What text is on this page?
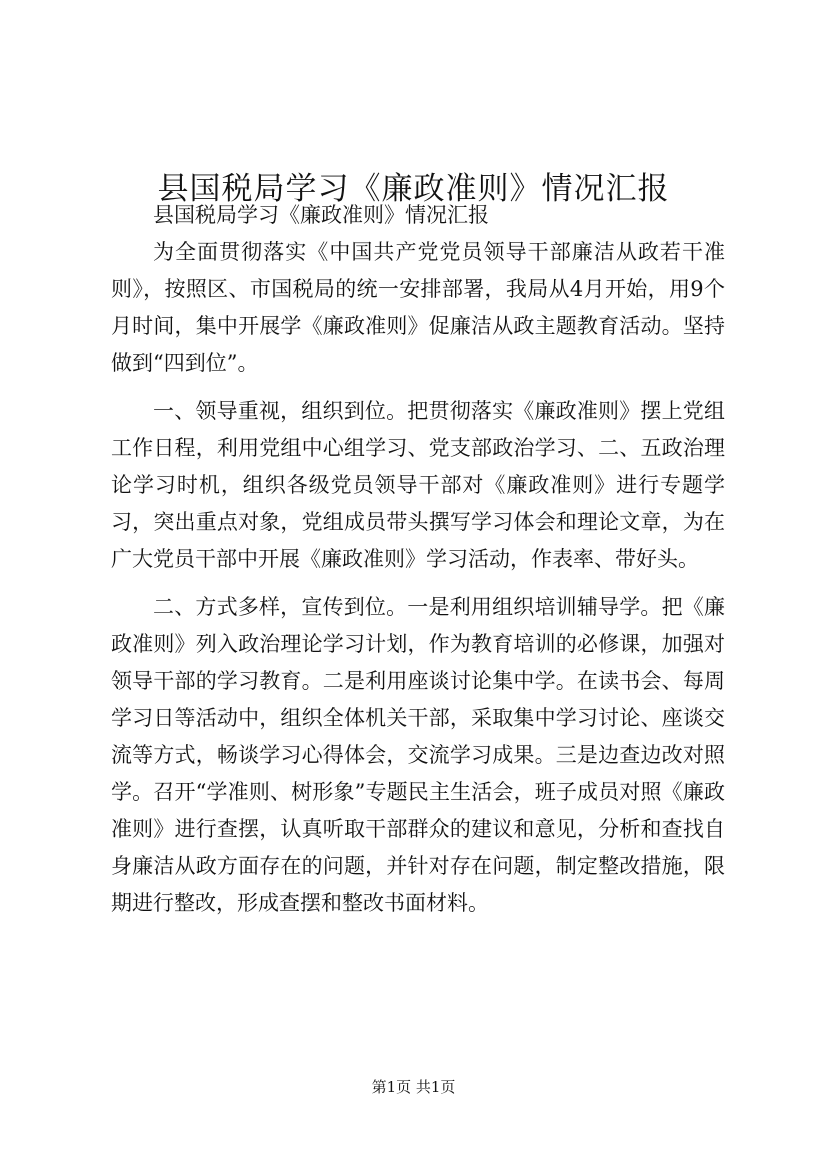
县国税局学习《廉政准则》情况汇报

县国税局学习《廉政准则》情况汇报

为全面贯彻落实《中国共产党党员领导干部廉洁从政若干准则》，按照区、市国税局的统一安排部署，我局从4月开始，用9个月时间，集中开展学《廉政准则》促廉洁从政主题教育活动。坚持做到“四到位”。

一、领导重视，组织到位。把贯彻落实《廉政准则》摆上党组工作日程，利用党组中心组学习、党支部政治学习、二、五政治理论学习时机，组织各级党员领导干部对《廉政准则》进行专题学习，突出重点对象，党组成员带头撰写学习体会和理论文章，为在广大党员干部中开展《廉政准则》学习活动，作表率、带好头。

二、方式多样，宣传到位。一是利用组织培训辅导学。把《廉政准则》列入政治理论学习计划，作为教育培训的必修课，加强对领导干部的学习教育。二是利用座谈讨论集中学。在读书会、每周学习日等活动中，组织全体机关干部，采取集中学习讨论、座谈交流等方式，畅谈学习心得体会，交流学习成果。三是边查边改对照学。召开“学准则、树形象”专题民主生活会，班子成员对照《廉政准则》进行查摆，认真听取干部群众的建议和意见，分析和查找自身廉洁从政方面存在的问题，并针对存在问题，制定整改措施，限期进行整改，形成查摆和整改书面材料。

第1页 共1页
